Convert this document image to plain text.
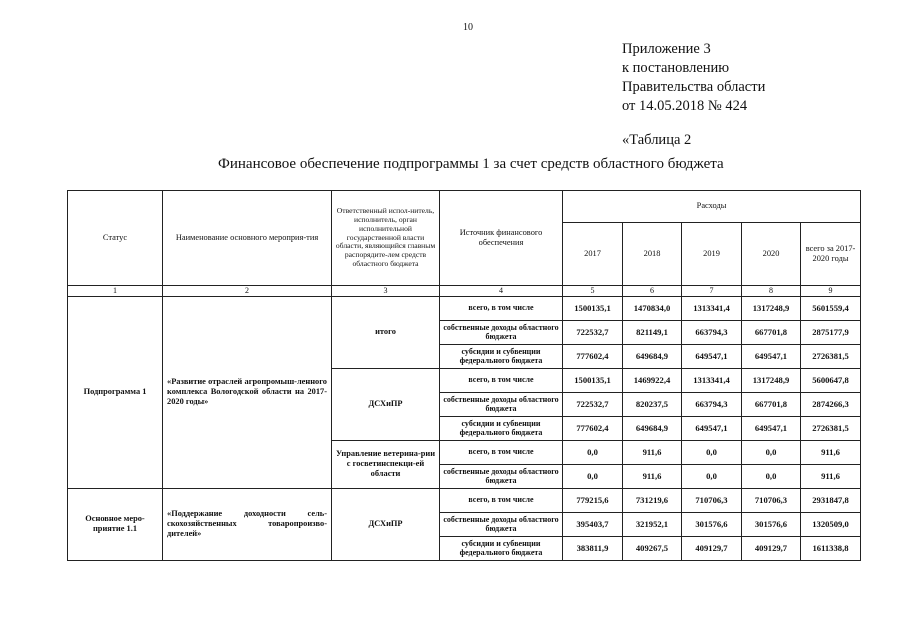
10
Приложение 3
к постановлению
Правительства области
от 14.05.2018 № 424
«Таблица 2
Финансовое обеспечение подпрограммы 1 за счет средств областного бюджета
Статус	Наименование основного мероприя-тия	Ответственный испол-нитель, исполнитель, орган исполнительной государственной власти области, являющийся главным распорядите-лем средств областного бюджета	Источник финансового обеспечения	Расходы				
				2017	2018	2019	2020	всего за 2017-2020 годы
1	2	3	4	5	6	7	8	9
Подпрограмма 1	«Развитие отраслей агропромыш-ленного комплекса Вологодской области на 2017-2020 годы»	итого	всего, в том числе	1500135,1	1470834,0	1313341,4	1317248,9	5601559,4
			собственные доходы областного бюджета	722532,7	821149,1	663794,3	667701,8	2875177,9
			субсидии и субвенции федерального бюджета	777602,4	649684,9	649547,1	649547,1	2726381,5
		ДСХиПР	всего, в том числе	1500135,1	1469922,4	1313341,4	1317248,9	5600647,8
			собственные доходы областного бюджета	722532,7	820237,5	663794,3	667701,8	2874266,3
			субсидии и субвенции федерального бюджета	777602,4	649684,9	649547,1	649547,1	2726381,5
		Управление ветерина-рии с госветинспекци-ей области	всего, в том числе	0,0	911,6	0,0	0,0	911,6
			собственные доходы областного бюджета	0,0	911,6	0,0	0,0	911,6
Основное меро-приятие 1.1	«Поддержание доходности сель-скохозяйственных товаропроизво-дителей»	ДСХиПР	всего, в том числе	779215,6	731219,6	710706,3	710706,3	2931847,8
			собственные доходы областного бюджета	395403,7	321952,1	301576,6	301576,6	1320509,0
			субсидии и субвенции федерального бюджета	383811,9	409267,5	409129,7	409129,7	1611338,8
